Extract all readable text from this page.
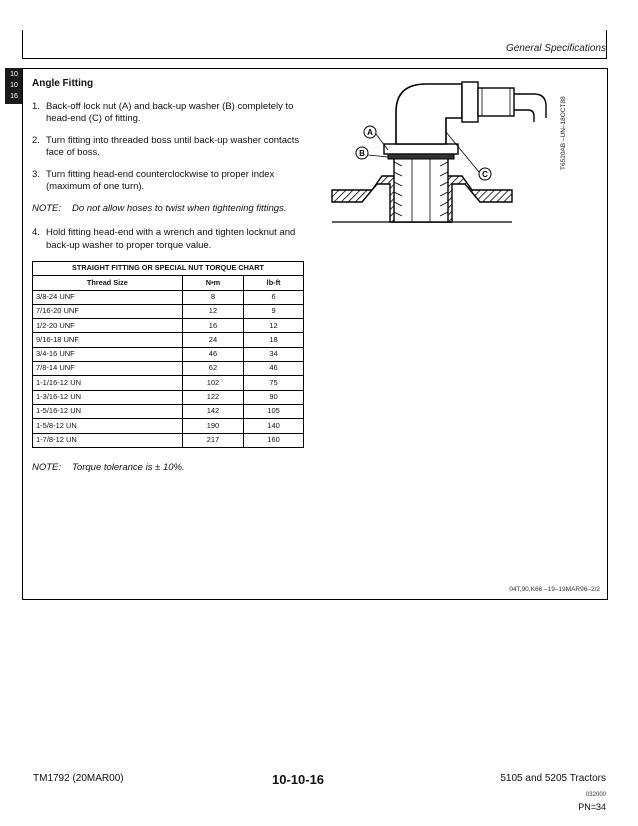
General Specifications
10
10
16
Angle Fitting
1. Back-off lock nut (A) and back-up washer (B) completely to head-end (C) of fitting.
2. Turn fitting into threaded boss until back-up washer contacts face of boss.
3. Turn fitting head-end counterclockwise to proper index (maximum of one turn).
NOTE:	Do not allow hoses to twist when tightening fittings.
4. Hold fitting head-end with a wrench and tighten locknut and back-up washer to proper torque value.
STRAIGHT FITTING OR SPECIAL NUT TORQUE CHART		
Thread Size	N•m	lb-ft
3/8-24 UNF	8	6
7/16-20 UNF	12	9
1/2-20 UNF	16	12
9/16-18 UNF	24	18
3/4-16 UNF	46	34
7/8-14 UNF	62	46
1-1/16-12 UN	102	75
1-3/16-12 UN	122	90
1-5/16-12 UN	142	105
1-5/8-12 UN	190	140
1-7/8-12 UN	217	160
NOTE:	Torque tolerance is ± 10%.
A
B
C
T6520AB –UN–18OCT88
04T,90,K66 –19–19MAR96–2/2
TM1792 (20MAR00)	10-10-16	5105 and 5205 Tractors
032000
PN=34
